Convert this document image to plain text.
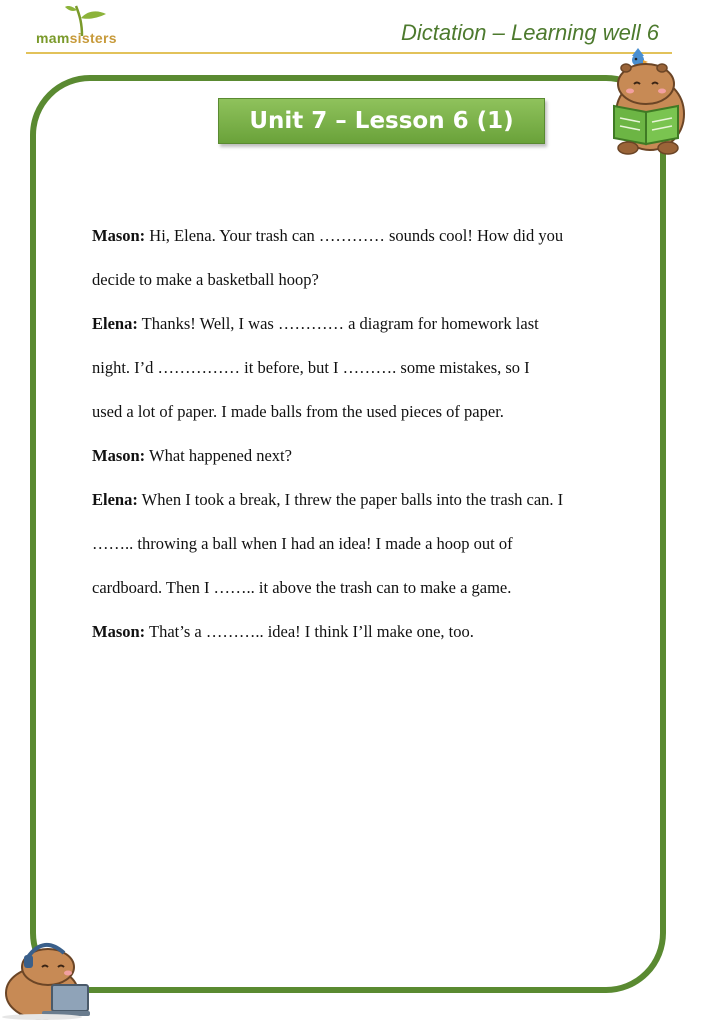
mamsisters	Dictation – Learning well 6
Unit 7 – Lesson 6 (1)

Mason: Hi, Elena. Your trash can ………… sounds cool! How did you

decide to make a basketball hoop?

Elena: Thanks! Well, I was ………… a diagram for homework last

night. I’d …………… it before, but I ………. some mistakes, so I

used a lot of paper. I made balls from the used pieces of paper.

Mason: What happened next?

Elena: When I took a break, I threw the paper balls into the trash can. I

…….. throwing a ball when I had an idea! I made a hoop out of

cardboard. Then I …….. it above the trash can to make a game.

Mason: That’s a ……….. idea! I think I’ll make one, too.
